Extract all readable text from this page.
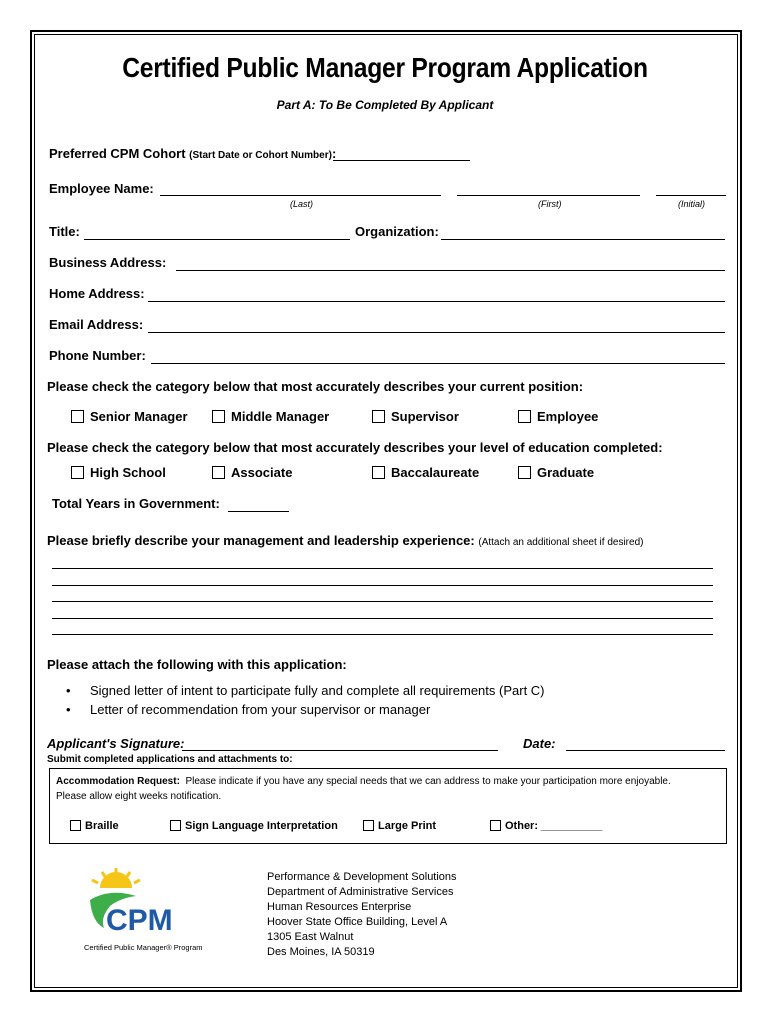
Certified Public Manager Program Application
Part A: To Be Completed By Applicant
Preferred CPM Cohort (Start Date or Cohort Number):
Employee Name:
(Last)	(First)	(Initial)
Title:	Organization:
Business Address:
Home Address:
Email Address:
Phone Number:
Please check the category below that most accurately describes your current position:
Senior Manager	Middle Manager	Supervisor	Employee
Please check the category below that most accurately describes your level of education completed:
High School	Associate	Baccalaureate	Graduate
Total Years in Government:
Please briefly describe your management and leadership experience: (Attach an additional sheet if desired)
Please attach the following with this application:
• Signed letter of intent to participate fully and complete all requirements (Part C)
• Letter of recommendation from your supervisor or manager
Applicant's Signature:	Date:
Submit completed applications and attachments to:
Accommodation Request: Please indicate if you have any special needs that we can address to make your participation more enjoyable.
Please allow eight weeks notification.
Braille	Sign Language Interpretation	Large Print	Other: __________
CPM
Certified Public Manager® Program
Performance & Development Solutions
Department of Administrative Services
Human Resources Enterprise
Hoover State Office Building, Level A
1305 East Walnut
Des Moines, IA 50319
